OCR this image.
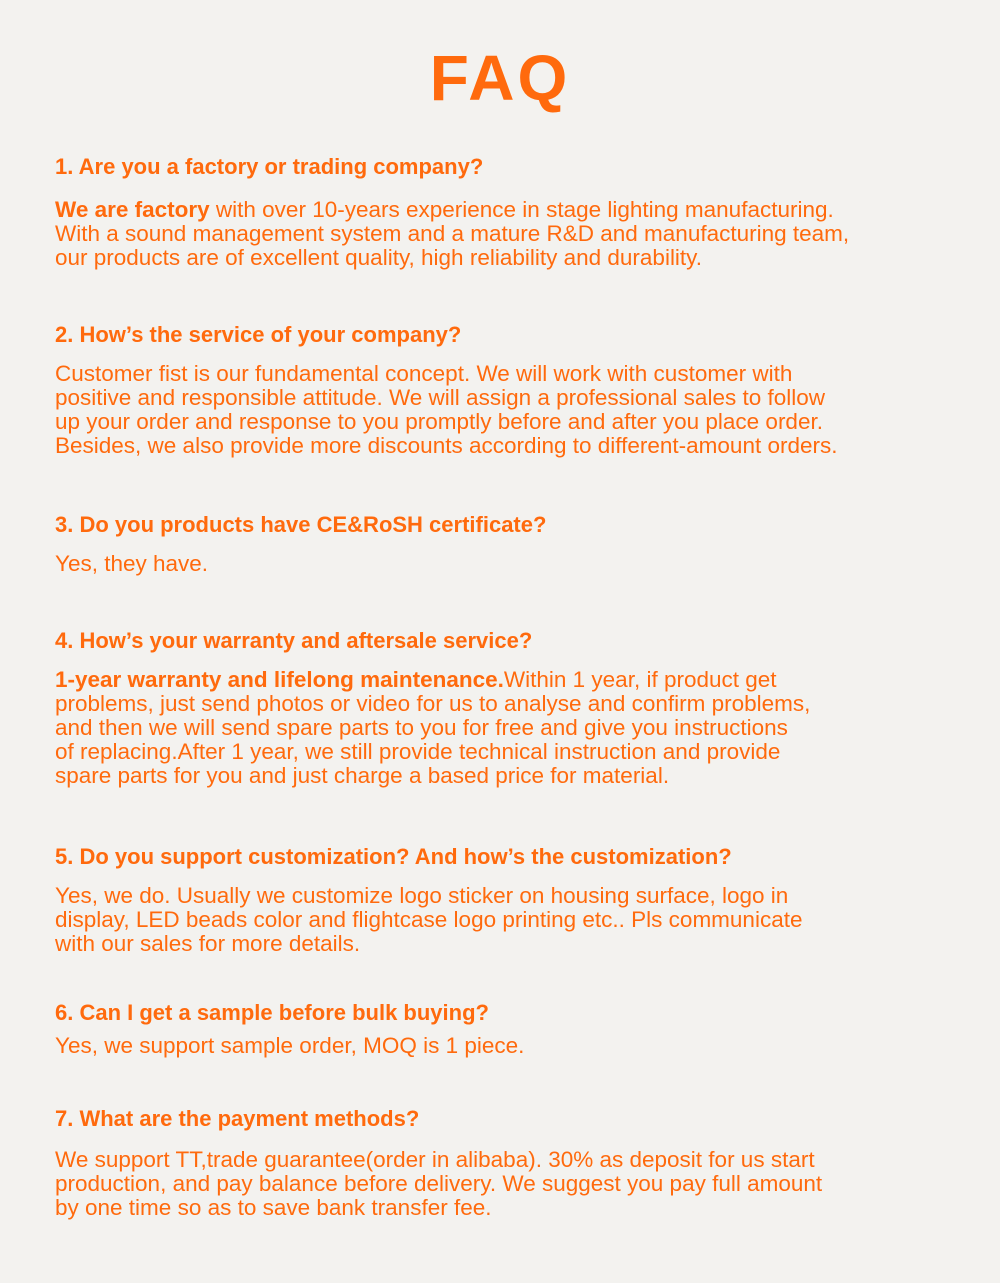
FAQ

1. Are you a factory or trading company?

We are factory with over 10-years experience in stage lighting manufacturing.
With a sound management system and a mature R&D and manufacturing team,
our products are of excellent quality, high reliability and durability.

2. How’s the service of your company?

Customer fist is our fundamental concept. We will work with customer with
positive and responsible attitude. We will assign a professional sales to follow
up your order and response to you promptly before and after you place order.
Besides, we also provide more discounts according to different-amount orders.

3. Do you products have CE&RoSH certificate?

Yes, they have.

4. How’s your warranty and aftersale service?

1-year warranty and lifelong maintenance.Within 1 year, if product get
problems, just send photos or video for us to analyse and confirm problems,
and then we will send spare parts to you for free and give you instructions
of replacing.After 1 year, we still provide technical instruction and provide
spare parts for you and just charge a based price for material.

5. Do you support customization? And how’s the customization?

Yes, we do. Usually we customize logo sticker on housing surface, logo in
display, LED beads color and flightcase logo printing etc.. Pls communicate
with our sales for more details.

6. Can I get a sample before bulk buying?

Yes, we support sample order, MOQ is 1 piece.

7. What are the payment methods?

We support TT,trade guarantee(order in alibaba). 30% as deposit for us start
production, and pay balance before delivery. We suggest you pay full amount
by one time so as to save bank transfer fee.
